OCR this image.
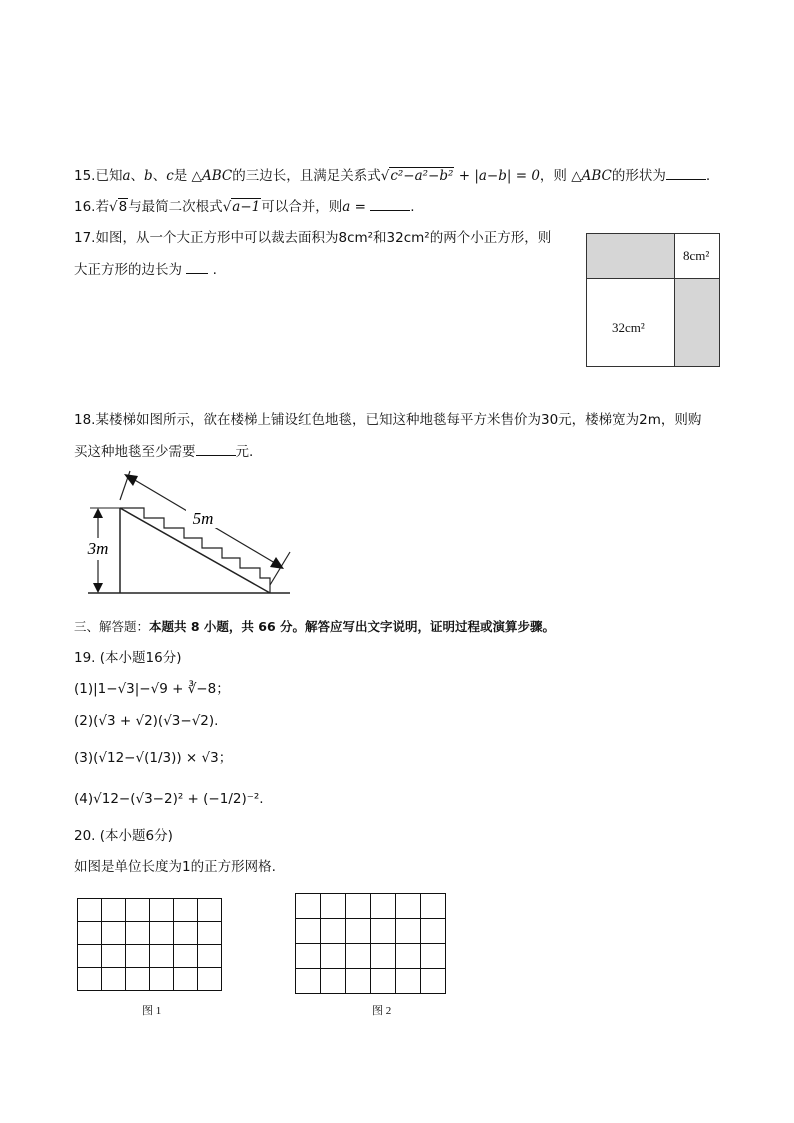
15.已知a、b、c是 △ABC的三边长，且满足关系式√c²−a²−b² + |a−b| = 0，则 △ABC的形状为	.
16.若√8与最简二次根式√a−1可以合并，则a =	.
17.如图，从一个大正方形中可以裁去面积为8cm²和32cm²的两个小正方形，则
大正方形的边长为 .
8cm²
32cm²
18.某楼梯如图所示，欲在楼梯上铺设红色地毯，已知这种地毯每平方米售价为30元，楼梯宽为2m，则购
买这种地毯至少需要	元.
3m
5m
三、解答题：本题共 8 小题，共 66 分。解答应写出文字说明，证明过程或演算步骤。
19. (本小题16分)
(1)|1−√3|−√9 + ∛−8；
(2)(√3 + √2)(√3−√2).
(3)(√12−√(1/3)) × √3；
(4)√12−(√3−2)² + (−1/2)⁻².
20. (本小题6分)
如图是单位长度为1的正方形网格.

图 1

						图 2
